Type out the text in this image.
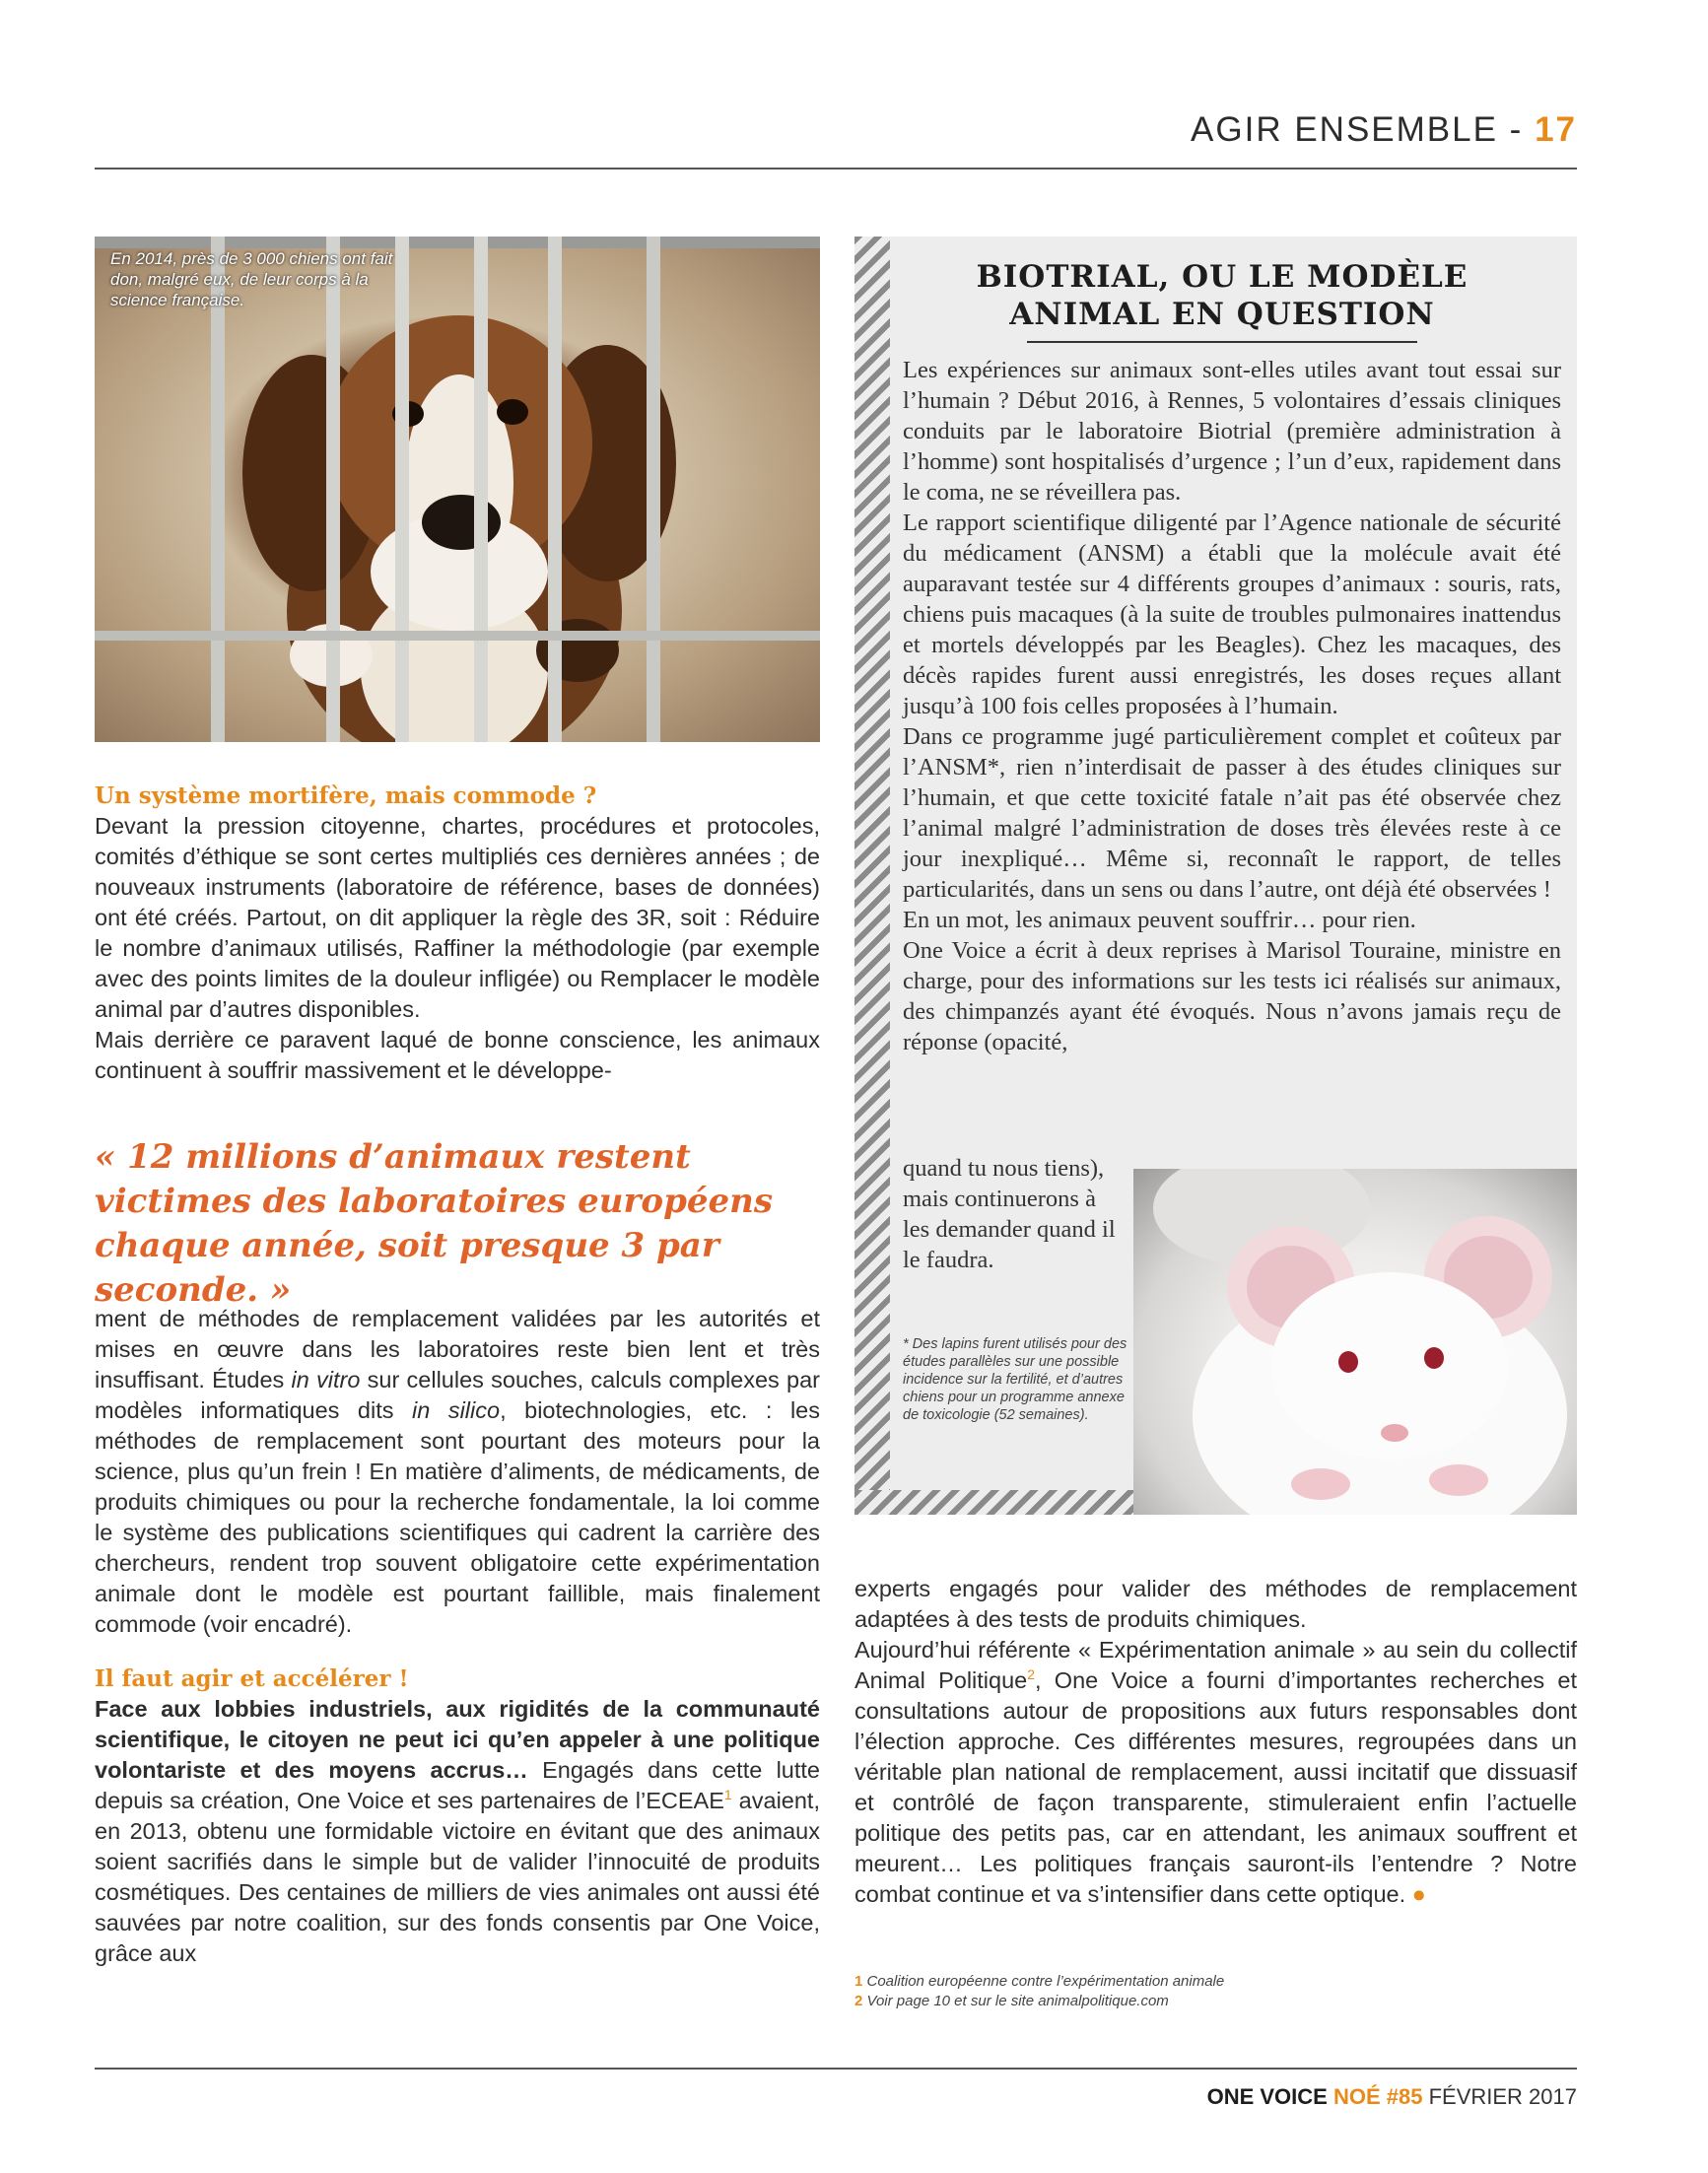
AGIR ENSEMBLE - 17
En 2014, près de 3 000 chiens ont fait don, malgré eux, de leur corps à la science française.

Un système mortifère, mais commode ?

Devant la pression citoyenne, chartes, procédures et protocoles, comités d’éthique se sont certes multipliés ces dernières années ; de nouveaux instruments (laboratoire de référence, bases de données) ont été créés. Partout, on dit appliquer la règle des 3R, soit : Réduire le nombre d’animaux utilisés, Raffiner la méthodologie (par exemple avec des points limites de la douleur infligée) ou Remplacer le modèle animal par d’autres disponibles.

Mais derrière ce paravent laqué de bonne conscience, les animaux continuent à souffrir massivement et le développe-

« 12 millions d’animaux restent victimes des laboratoires européens chaque année, soit presque 3 par seconde. »

ment de méthodes de remplacement validées par les autorités et mises en œuvre dans les laboratoires reste bien lent et très insuffisant. Études in vitro sur cellules souches, calculs complexes par modèles informatiques dits in silico, biotechnologies, etc. : les méthodes de remplacement sont pourtant des moteurs pour la science, plus qu’un frein ! En matière d’aliments, de médicaments, de produits chimiques ou pour la recherche fondamentale, la loi comme le système des publications scientifiques qui cadrent la carrière des chercheurs, rendent trop souvent obligatoire cette expérimentation animale dont le modèle est pourtant faillible, mais finalement commode (voir encadré).

Il faut agir et accélérer !

Face aux lobbies industriels, aux rigidités de la communauté scientifique, le citoyen ne peut ici qu’en appeler à une politique volontariste et des moyens accrus… Engagés dans cette lutte depuis sa création, One Voice et ses partenaires de l’ECEAE$^1$ avaient, en 2013, obtenu une formidable victoire en évitant que des animaux soient sacrifiés dans le simple but de valider l’innocuité de produits cosmétiques. Des centaines de milliers de vies animales ont aussi été sauvées par notre coalition, sur des fonds consentis par One Voice, grâce aux

BIOTRIAL, OU LE MODÈLE
ANIMAL EN QUESTION

Les expériences sur animaux sont-elles utiles avant tout essai sur l’humain ? Début 2016, à Rennes, 5 volontaires d’essais cliniques conduits par le laboratoire Biotrial (première administration à l’homme) sont hospitalisés d’urgence ; l’un d’eux, rapidement dans le coma, ne se réveillera pas.

Le rapport scientifique diligenté par l’Agence nationale de sécurité du médicament (ANSM) a établi que la molécule avait été auparavant testée sur 4 différents groupes d’animaux : souris, rats, chiens puis macaques (à la suite de troubles pulmonaires inattendus et mortels développés par les Beagles). Chez les macaques, des décès rapides furent aussi enregistrés, les doses reçues allant jusqu’à 100 fois celles proposées à l’humain.

Dans ce programme jugé particulièrement complet et coûteux par l’ANSM*, rien n’interdisait de passer à des études cliniques sur l’humain, et que cette toxicité fatale n’ait pas été observée chez l’animal malgré l’administration de doses très élevées reste à ce jour inexpliqué… Même si, reconnaît le rapport, de telles particularités, dans un sens ou dans l’autre, ont déjà été observées !

En un mot, les animaux peuvent souffrir… pour rien.

One Voice a écrit à deux reprises à Marisol Touraine, ministre en charge, pour des informations sur les tests ici réalisés sur animaux, des chimpanzés ayant été évoqués. Nous n’avons jamais reçu de réponse (opacité,

quand tu nous tiens), mais continuerons à les demander quand il le faudra.
* Des lapins furent utilisés pour des études parallèles sur une possible incidence sur la fertilité, et d’autres chiens pour un programme annexe de toxicologie (52 semaines).

experts engagés pour valider des méthodes de remplacement adaptées à des tests de produits chimiques.

Aujourd’hui référente « Expérimentation animale » au sein du collectif Animal Politique$^2$, One Voice a fourni d’importantes recherches et consultations autour de propositions aux futurs responsables dont l’élection approche. Ces différentes mesures, regroupées dans un véritable plan national de remplacement, aussi incitatif que dissuasif et contrôlé de façon transparente, stimuleraient enfin l’actuelle politique des petits pas, car en attendant, les animaux souffrent et meurent… Les politiques français sauront-ils l’entendre ? Notre combat continue et va s’intensifier dans cette optique. ●

1 Coalition européenne contre l’expérimentation animale
2 Voir page 10 et sur le site animalpolitique.com
ONE VOICE NOÉ #85 FÉVRIER 2017
